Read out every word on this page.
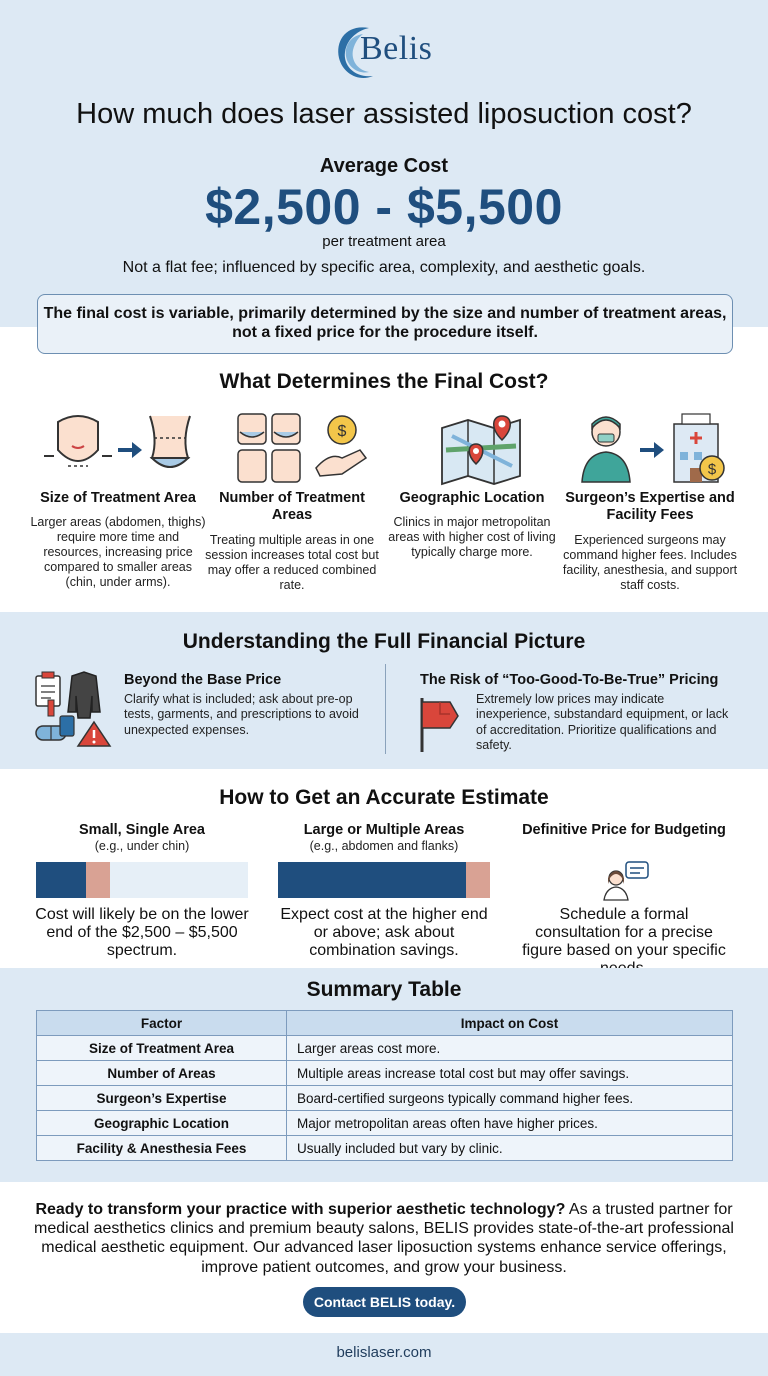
Belis
How much does laser assisted liposuction cost?
Average Cost
$2,500 - $5,500
per treatment area
Not a flat fee; influenced by specific area, complexity, and aesthetic goals.
The final cost is variable, primarily determined by the size and number of treatment areas,
not a fixed price for the procedure itself.
What Determines the Final Cost?
Size of Treatment Area
Larger areas (abdomen, thighs) require more time and resources, increasing price compared to smaller areas (chin, under arms).
$
Number of Treatment Areas
Treating multiple areas in one session increases total cost but may offer a reduced combined rate.
Geographic Location
Clinics in major metropolitan areas with higher cost of living typically charge more.
$
Surgeon’s Expertise and Facility Fees
Experienced surgeons may command higher fees. Includes facility, anesthesia, and support staff costs.
Understanding the Full Financial Picture
Beyond the Base Price
Clarify what is included; ask about pre-op tests, garments, and prescriptions to avoid unexpected expenses.
The Risk of “Too-Good-To-Be-True” Pricing
Extremely low prices may indicate inexperience, substandard equipment, or lack of accreditation. Prioritize qualifications and safety.
How to Get an Accurate Estimate
Small, Single Area
(e.g., under chin)
Cost will likely be on the lower end of the $2,500 – $5,500 spectrum.
Large or Multiple Areas
(e.g., abdomen and flanks)
Expect cost at the higher end or above; ask about combination savings.
Definitive Price for Budgeting
Schedule a formal consultation for a precise figure based on your specific
Summary Table
Factor	Impact on Cost
Size of Treatment Area	Larger areas cost more.
Number of Areas	Multiple areas increase total cost but may offer savings.
Surgeon’s Expertise	Board-certified surgeons typically command higher fees.
Geographic Location	Major metropolitan areas often have higher prices.
Facility & Anesthesia Fees	Usually included but vary by clinic.
Ready to transform your practice with superior aesthetic technology? As a trusted partner for medical aesthetics clinics and premium beauty salons, BELIS provides state-of-the-art professional medical aesthetic equipment. Our advanced laser liposuction systems enhance service offerings, improve patient outcomes, and grow your business.
Contact BELIS today.
belislaser.com
